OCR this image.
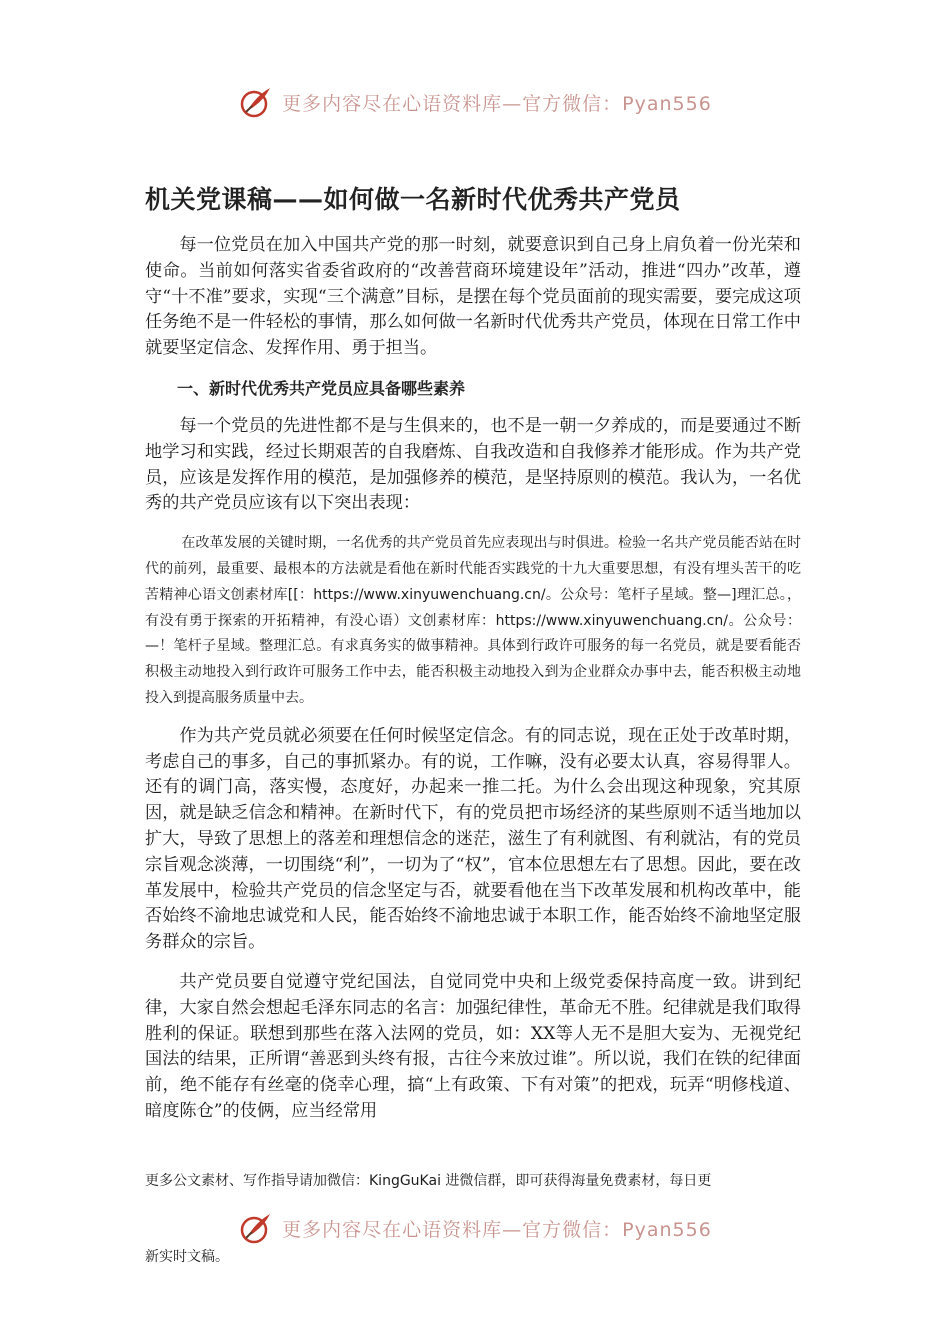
更多内容尽在心语资料库—官方微信：Pyan556
机关党课稿——如何做一名新时代优秀共产党员

每一位党员在加入中国共产党的那一时刻，就要意识到自己身上肩负着一份光荣和使命。当前如何落实省委省政府的“改善营商环境建设年”活动，推进“四办”改革，遵守“十不准”要求，实现“三个满意”目标，是摆在每个党员面前的现实需要，要完成这项任务绝不是一件轻松的事情，那么如何做一名新时代优秀共产党员，体现在日常工作中就要坚定信念、发挥作用、勇于担当。

一、新时代优秀共产党员应具备哪些素养

每一个党员的先进性都不是与生俱来的，也不是一朝一夕养成的，而是要通过不断地学习和实践，经过长期艰苦的自我磨炼、自我改造和自我修养才能形成。作为共产党员，应该是发挥作用的模范，是加强修养的模范，是坚持原则的模范。我认为，一名优秀的共产党员应该有以下突出表现：

在改革发展的关键时期，一名优秀的共产党员首先应表现出与时俱进。检验一名共产党员能否站在时代的前列，最重要、最根本的方法就是看他在新时代能否实践党的十九大重要思想，有没有埋头苦干的吃苦精神心语文创素材库[[：https://www.xinyuwenchuang.cn/。公众号：笔杆子星域。整—]理汇总。，有没有勇于探索的开拓精神，有没心语）文创素材库：https://www.xinyuwenchuang.cn/。公众号：—！笔杆子星域。整理汇总。有求真务实的做事精神。具体到行政许可服务的每一名党员，就是要看能否积极主动地投入到行政许可服务工作中去，能否积极主动地投入到为企业群众办事中去，能否积极主动地投入到提高服务质量中去。

作为共产党员就必须要在任何时候坚定信念。有的同志说，现在正处于改革时期，考虑自己的事多，自己的事抓紧办。有的说，工作嘛，没有必要太认真，容易得罪人。还有的调门高，落实慢，态度好，办起来一推二托。为什么会出现这种现象，究其原因，就是缺乏信念和精神。在新时代下，有的党员把市场经济的某些原则不适当地加以扩大，导致了思想上的落差和理想信念的迷茫，滋生了有利就图、有利就沾，有的党员宗旨观念淡薄，一切围绕“利”，一切为了“权”，官本位思想左右了思想。因此，要在改革发展中，检验共产党员的信念坚定与否，就要看他在当下改革发展和机构改革中，能否始终不渝地忠诚党和人民，能否始终不渝地忠诚于本职工作，能否始终不渝地坚定服务群众的宗旨。

共产党员要自觉遵守党纪国法，自觉同党中央和上级党委保持高度一致。讲到纪律，大家自然会想起毛泽东同志的名言：加强纪律性，革命无不胜。纪律就是我们取得胜利的保证。联想到那些在落入法网的党员，如：XX等人无不是胆大妄为、无视党纪国法的结果，正所谓“善恶到头终有报，古往今来放过谁”。所以说，我们在铁的纪律面前，绝不能存有丝毫的侥幸心理，搞“上有政策、下有对策”的把戏，玩弄“明修栈道、暗度陈仓”的伎俩，应当经常用

更多公文素材、写作指导请加微信：KingGuKai 进微信群，即可获得海量免费素材，每日更
更多内容尽在心语资料库—官方微信：Pyan556
新实时文稿。
